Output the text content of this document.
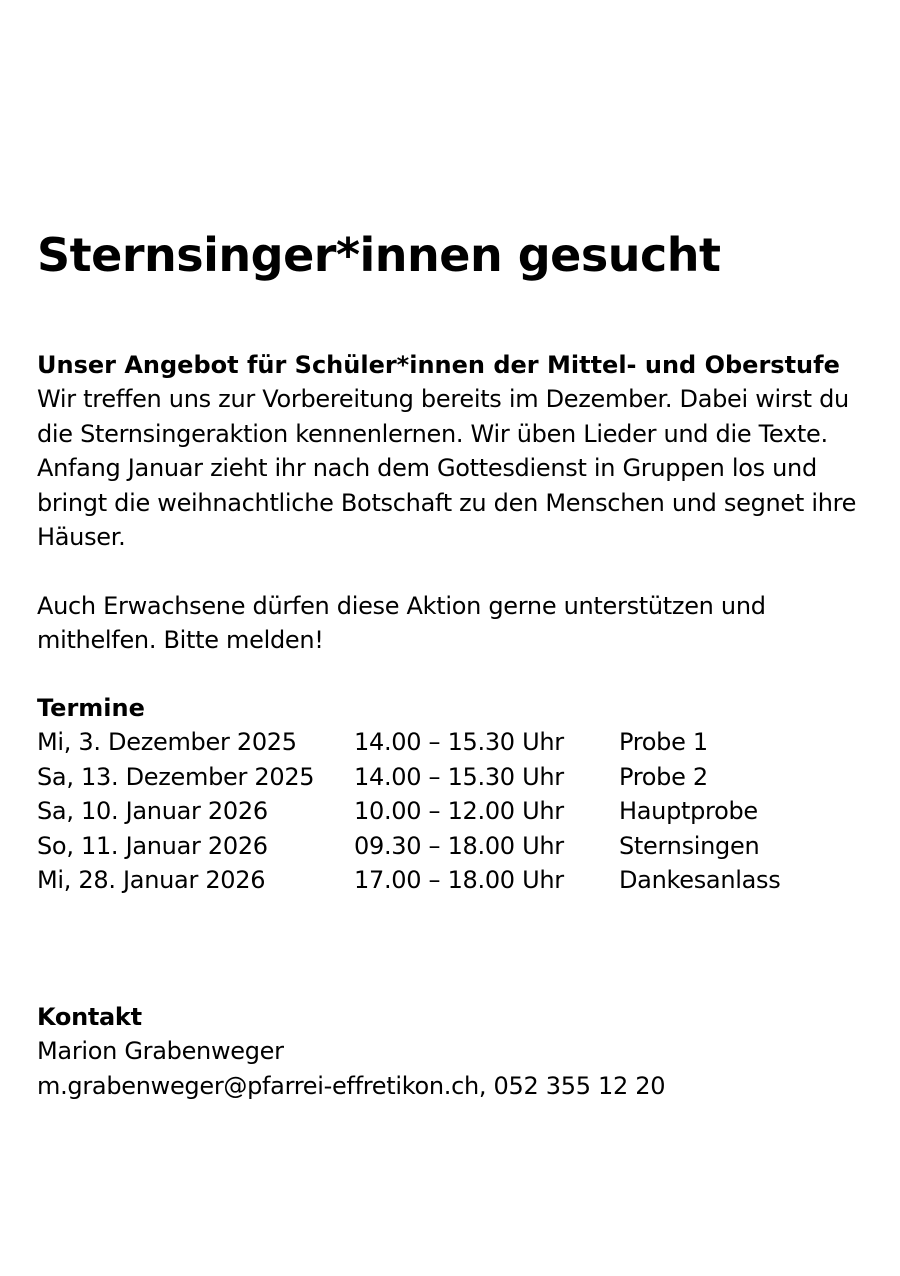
Sternsinger*innen gesucht
Unser Angebot für Schüler*innen der Mittel- und Oberstufe

Wir treffen uns zur Vorbereitung bereits im Dezember. Dabei wirst du die Sternsingeraktion kennenlernen. Wir üben Lieder und die Texte. Anfang Januar zieht ihr nach dem Gottesdienst in Gruppen los und bringt die weihnachtliche Botschaft zu den Menschen und segnet ihre Häuser.

Auch Erwachsene dürfen diese Aktion gerne unterstützen und mithelfen. Bitte melden!

Termine
Mi, 3. Dezember 2025 14.00 – 15.30 Uhr Probe 1
Sa, 13. Dezember 2025 14.00 – 15.30 Uhr Probe 2
Sa, 10. Januar 2026	10.00 – 12.00 Uhr Hauptprobe
So, 11. Januar 2026	09.30 – 18.00 Uhr Sternsingen
Mi, 28. Januar 2026	17.00 – 18.00 Uhr Dankesanlass
Kontakt
Marion Grabenweger
m.grabenweger@pfarrei-effretikon.ch, 052 355 12 20
